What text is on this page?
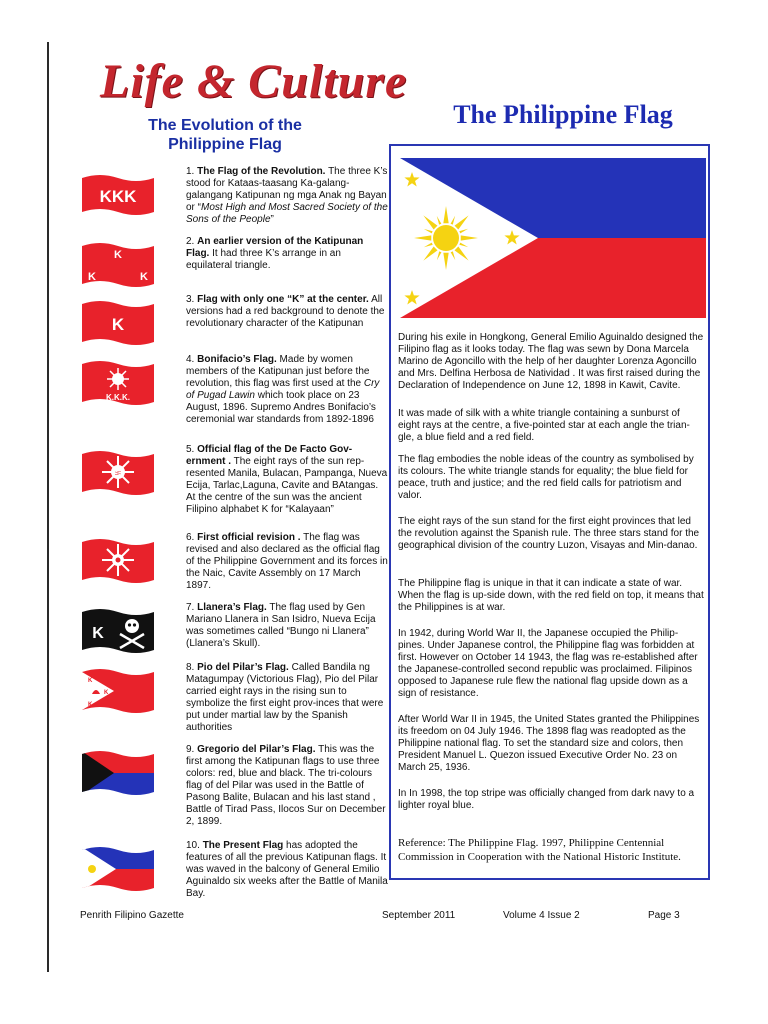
Life & Culture
The Evolution of the Philippine Flag
The Philippine Flag
KKK
1. The Flag of the Revolution. The three K’s stood for Kataas-taasang Ka-galang-galangang Katipunan ng mga Anak ng Bayan or “Most High and Most Sacred Society of the Sons of the People”
K
K	K
2. An earlier version of the Katipunan Flag. It had three K’s arrange in an equilateral triangle.
K
3. Flag with only one “K” at the center. All versions had a red background to denote the revolutionary character of the Katipunan
K.K.K.
4. Bonifacio’s Flag. Made by women members of the Katipunan just before the revolution, this flag was first used at the Cry of Pugad Lawin which took place on 23 August, 1896. Supremo Andres Bonifacio’s ceremonial war standards from 1892-1896
ᜃ
5. Official flag of the De Facto Gov-ernment . The eight rays of the sun rep-resented Manila, Bulacan, Pampanga, Nueva Ecija, Tarlac,Laguna, Cavite and BAtangas. At the centre of the sun was the ancient Filipino alphabet K for “Kalayaan”
6. First official revision . The flag was revised and also declared as the official flag of the Philippine Government and its forces in the Naic, Cavite Assembly on 17 March 1897.
K
7. Llanera’s Flag. The flag used by Gen Mariano Llanera in San Isidro, Nueva Ecija was sometimes called “Bungo ni Llanera” (Llanera’s Skull).
K
K
K
8. Pio del Pilar’s Flag. Called Bandila ng Matagumpay (Victorious Flag), Pio del Pilar carried eight rays in the rising sun to symbolize the first eight prov-inces that were put under martial law by the Spanish authorities
9. Gregorio del Pilar’s Flag. This was the first among the Katipunan flags to use three colors: red, blue and black. The tri-colours flag of del Pilar was used in the Battle of Pasong Balite, Bulacan and his last stand , Battle of Tirad Pass, Ilocos Sur on December 2, 1899.
10. The Present Flag has adopted the features of all the previous Katipunan flags. It was waved in the balcony of General Emilio Aguinaldo six weeks after the Battle of Manila Bay.
During his exile in Hongkong, General Emilio Aguinaldo designed the Filipino flag as it looks today. The flag was sewn by Dona Marcela Marino de Agoncillo with the help of her daughter Lorenza Agoncillo and Mrs. Delfina Herbosa de Natividad . It was first raised during the Declaration of Independence on June 12, 1898 in Kawit, Cavite.
It was made of silk with a white triangle containing a sunburst of eight rays at the centre, a five-pointed star at each angle the trian-gle, a blue field and a red field.
The flag embodies the noble ideas of the country as symbolised by its colours. The white triangle stands for equality; the blue field for peace, truth and justice; and the red field calls for patriotism and valor.
The eight rays of the sun stand for the first eight provinces that led the revolution against the Spanish rule. The three stars stand for the geographical division of the country Luzon, Visayas and Min-danao.
The Philippine flag is unique in that it can indicate a state of war. When the flag is up-side down, with the red field on top, it means that the Philippines is at war.
In 1942, during World War II, the Japanese occupied the Philip-pines. Under Japanese control, the Philippine flag was forbidden at first. However on October 14 1943, the flag was re-established after the Japanese-controlled second republic was proclaimed. Filipinos opposed to Japanese rule flew the national flag upside down as a sign of resistance.
After World War II in 1945, the United States granted the Philippines its freedom on 04 July 1946. The 1898 flag was readopted as the Philippine national flag. To set the standard size and colors, then President Manuel L. Quezon issued Executive Order No. 23 on March 25, 1936.
In In 1998, the top stripe was officially changed from dark navy to a lighter royal blue.
Reference: The Philippine Flag. 1997, Philippine Centennial Commission in Cooperation with the National Historic Institute.
Penrith Filipino Gazette	September 2011	Volume 4 Issue 2	Page 3
